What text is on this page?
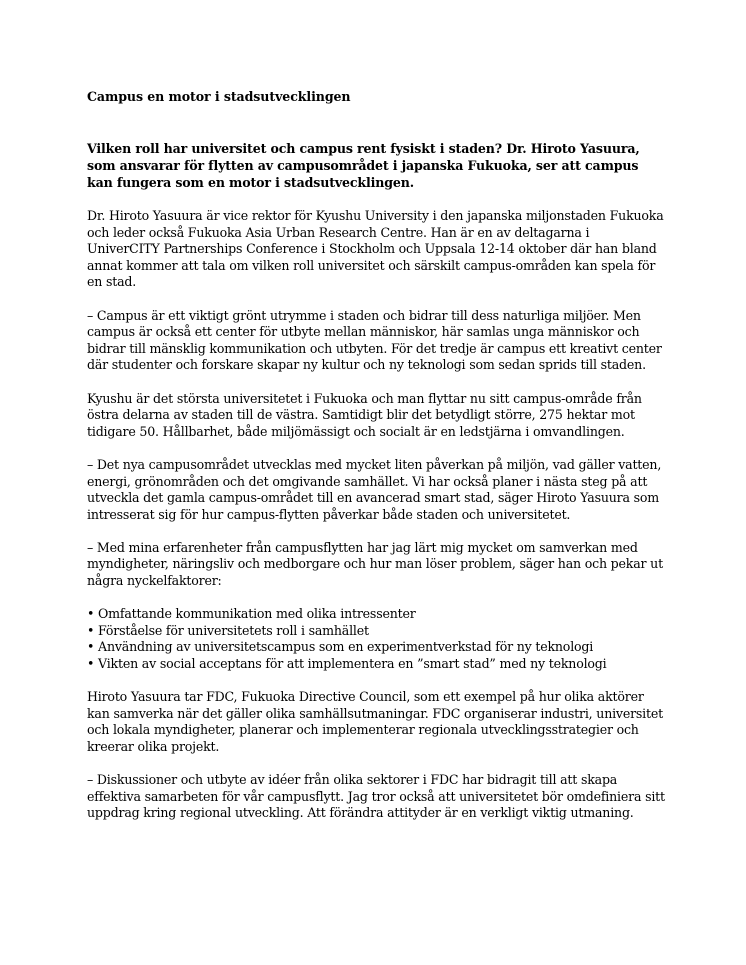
Campus en motor i stadsutvecklingen
Vilken roll har universitet och campus rent fysiskt i staden? Dr. Hiroto Yasuura, som ansvarar för flytten av campusområdet i japanska Fukuoka, ser att campus kan fungera som en motor i stadsutvecklingen.

Dr. Hiroto Yasuura är vice rektor för Kyushu University i den japanska miljonstaden Fukuoka och leder också Fukuoka Asia Urban Research Centre. Han är en av deltagarna i UniverCITY Partnerships Conference i Stockholm och Uppsala 12-14 oktober där han bland annat kommer att tala om vilken roll universitet och särskilt campus-områden kan spela för en stad.

– Campus är ett viktigt grönt utrymme i staden och bidrar till dess naturliga miljöer. Men campus är också ett center för utbyte mellan människor, här samlas unga människor och bidrar till mänsklig kommunikation och utbyten. För det tredje är campus ett kreativt center där studenter och forskare skapar ny kultur och ny teknologi som sedan sprids till staden.

Kyushu är det största universitetet i Fukuoka och man flyttar nu sitt campus-område från östra delarna av staden till de västra. Samtidigt blir det betydligt större, 275 hektar mot tidigare 50. Hållbarhet, både miljömässigt och socialt är en ledstjärna i omvandlingen.

– Det nya campusområdet utvecklas med mycket liten påverkan på miljön, vad gäller vatten, energi, grönområden och det omgivande samhället. Vi har också planer i nästa steg på att utveckla det gamla campus-området till en avancerad smart stad, säger Hiroto Yasuura som intresserat sig för hur campus-flytten påverkar både staden och universitetet.

– Med mina erfarenheter från campusflytten har jag lärt mig mycket om samverkan med myndigheter, näringsliv och medborgare och hur man löser problem, säger han och pekar ut några nyckelfaktorer:

• Omfattande kommunikation med olika intressenter
• Förståelse för universitetets roll i samhället
• Användning av universitetscampus som en experimentverkstad för ny teknologi
• Vikten av social acceptans för att implementera en ”smart stad” med ny teknologi

Hiroto Yasuura tar FDC, Fukuoka Directive Council, som ett exempel på hur olika aktörer kan samverka när det gäller olika samhällsutmaningar. FDC organiserar industri, universitet och lokala myndigheter, planerar och implementerar regionala utvecklingsstrategier och kreerar olika projekt.

– Diskussioner och utbyte av idéer från olika sektorer i FDC har bidragit till att skapa effektiva samarbeten för vår campusflytt. Jag tror också att universitetet bör omdefiniera sitt uppdrag kring regional utveckling. Att förändra attityder är en verkligt viktig utmaning.
